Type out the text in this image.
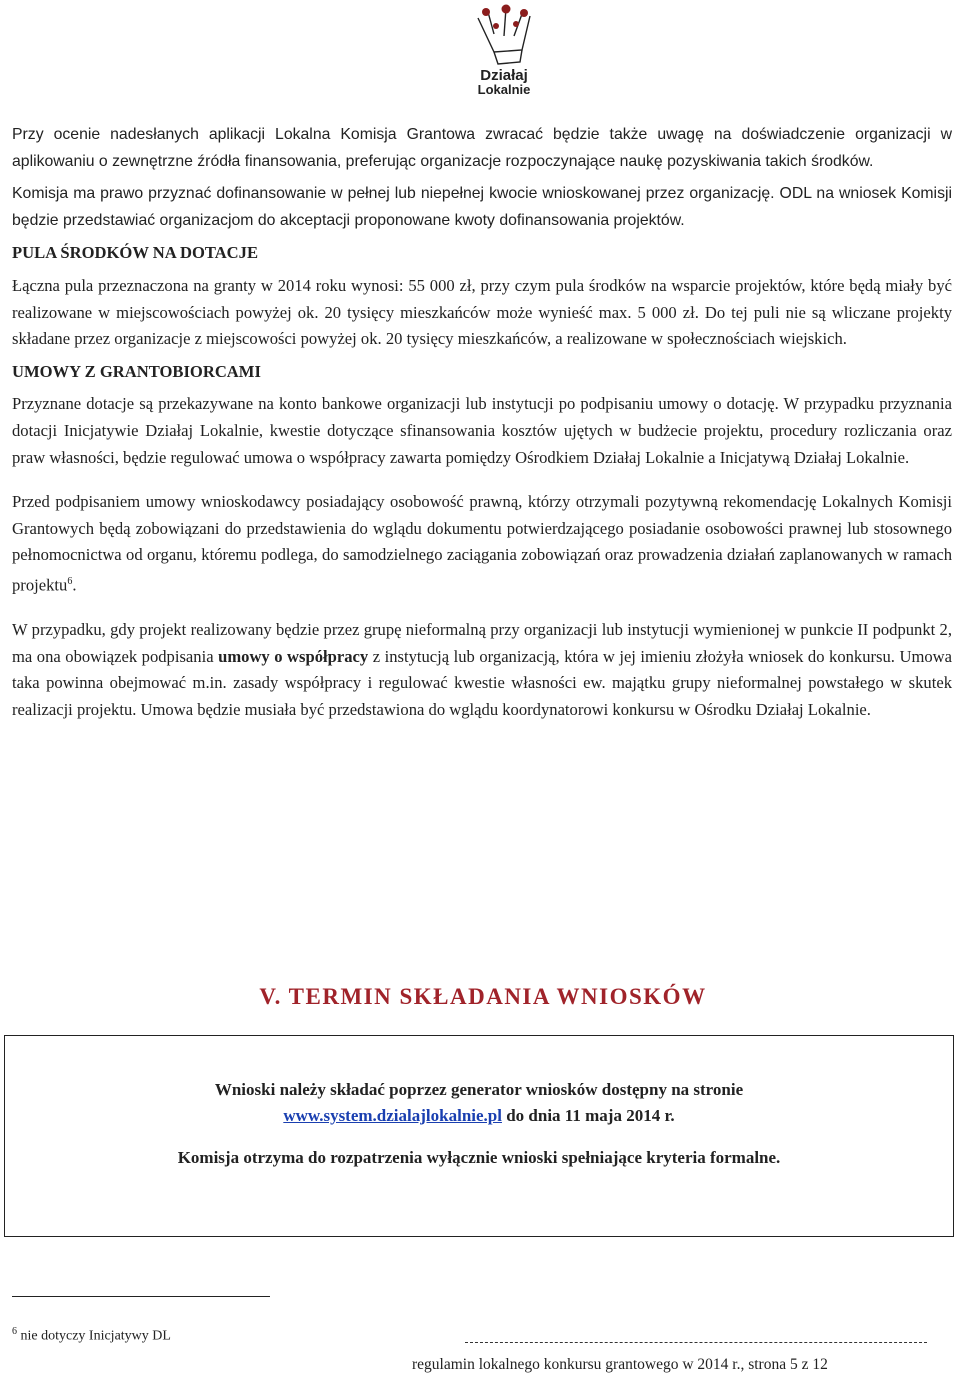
Działaj
Lokalnie

Przy ocenie nadesłanych aplikacji Lokalna Komisja Grantowa zwracać będzie także uwagę na doświadczenie organizacji w aplikowaniu o zewnętrzne źródła finansowania, preferując organizacje rozpoczynające naukę pozyskiwania takich środków.

Komisja ma prawo przyznać dofinansowanie w pełnej lub niepełnej kwocie wnioskowanej przez organizację. ODL na wniosek Komisji będzie przedstawiać organizacjom do akceptacji proponowane kwoty dofinansowania projektów.

PULA ŚRODKÓW NA DOTACJE

Łączna pula przeznaczona na granty w 2014 roku wynosi: 55 000 zł, przy czym pula środków na wsparcie projektów, które będą miały być realizowane w miejscowościach powyżej ok. 20 tysięcy mieszkańców może wynieść max. 5 000 zł. Do tej puli nie są wliczane projekty składane przez organizacje z miejscowości powyżej ok. 20 tysięcy mieszkańców, a realizowane w społecznościach wiejskich.

UMOWY Z GRANTOBIORCAMI

Przyznane dotacje są przekazywane na konto bankowe organizacji lub instytucji po podpisaniu umowy o dotację. W przypadku przyznania dotacji Inicjatywie Działaj Lokalnie, kwestie dotyczące sfinansowania kosztów ujętych w budżecie projektu, procedury rozliczania oraz praw własności, będzie regulować umowa o współpracy zawarta pomiędzy Ośrodkiem Działaj Lokalnie a Inicjatywą Działaj Lokalnie.

Przed podpisaniem umowy wnioskodawcy posiadający osobowość prawną, którzy otrzymali pozytywną rekomendację Lokalnych Komisji Grantowych będą zobowiązani do przedstawienia do wglądu dokumentu potwierdzającego posiadanie osobowości prawnej lub stosownego pełnomocnictwa od organu, któremu podlega, do samodzielnego zaciągania zobowiązań oraz prowadzenia działań zaplanowanych w ramach projektu$^6$.

W przypadku, gdy projekt realizowany będzie przez grupę nieformalną przy organizacji lub instytucji wymienionej w punkcie II podpunkt 2, ma ona obowiązek podpisania umowy o współpracy z instytucją lub organizacją, która w jej imieniu złożyła wniosek do konkursu. Umowa taka powinna obejmować m.in. zasady współpracy i regulować kwestie własności ew. majątku grupy nieformalnej powstałego w skutek realizacji projektu. Umowa będzie musiała być przedstawiona do wglądu koordynatorowi konkursu w Ośrodku Działaj Lokalnie.

V. TERMIN SKŁADANIA WNIOSKÓW
Wnioski należy składać poprzez generator wniosków dostępny na stronie
www.system.dzialajlokalnie.pl do dnia 11 maja 2014 r.
Komisja otrzyma do rozpatrzenia wyłącznie wnioski spełniające kryteria formalne.
$^6$ nie dotyczy Inicjatywy DL
regulamin lokalnego konkursu grantowego w 2014 r., strona 5 z 12
